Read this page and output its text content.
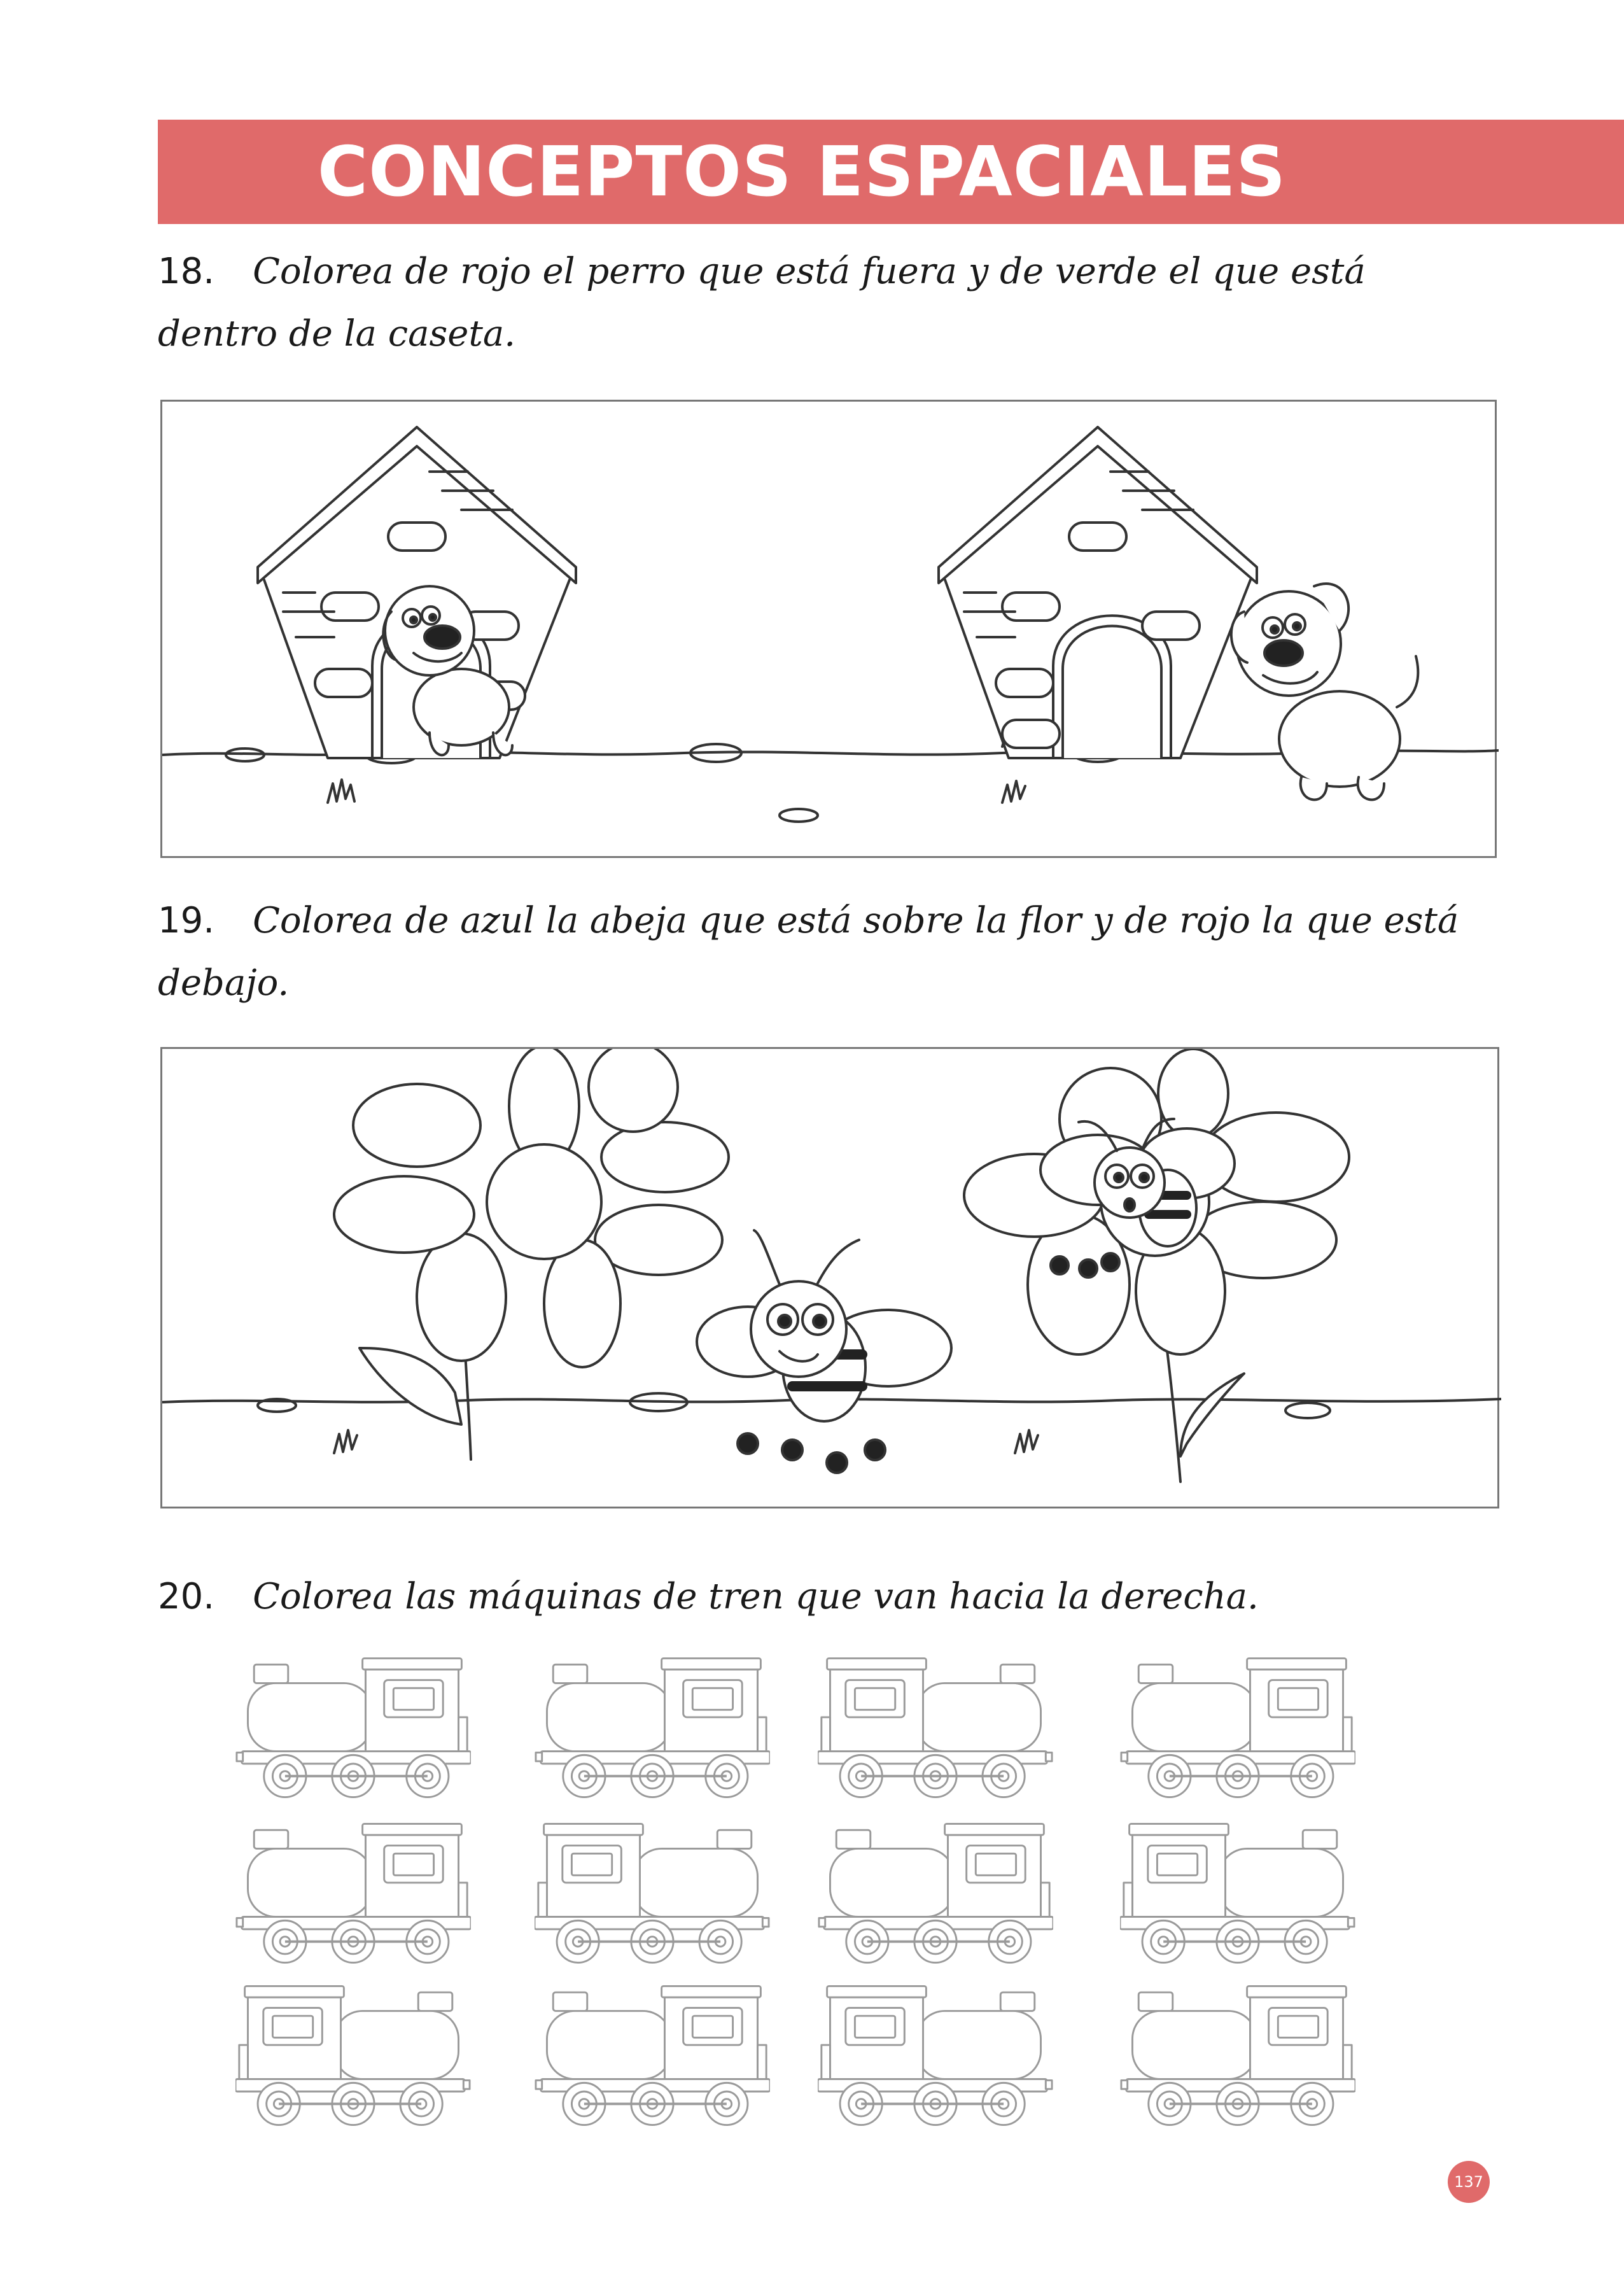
CONCEPTOS ESPACIALES
18. Colorea de rojo el perro que está fuera y de verde el que está dentro de la caseta.
19. Colorea de azul la abeja que está sobre la flor y de rojo la que está debajo.
20. Colorea las máquinas de tren que van hacia la derecha.
137
